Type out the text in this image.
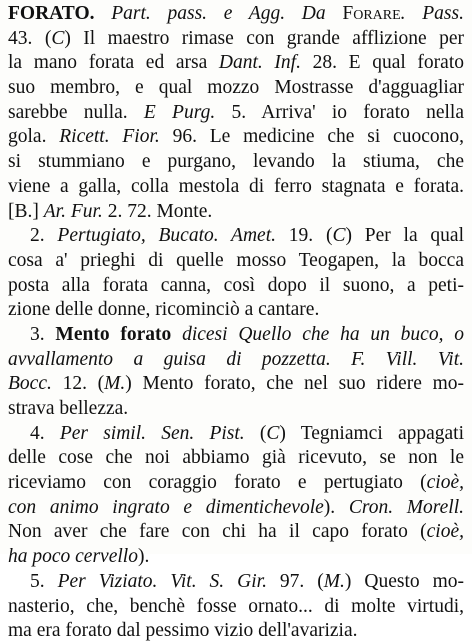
FORATO. Part. pass. e Agg. Da Forare. Pass.
43. (C) Il maestro rimase con grande afflizione per
la mano forata ed arsa Dant. Inf. 28. E qual forato
suo membro, e qual mozzo Mostrasse d'agguagliar
sarebbe nulla. E Purg. 5. Arriva' io forato nella
gola. Ricett. Fior. 96. Le medicine che si cuocono,
si stummiano e purgano, levando la stiuma, che
viene a galla, colla mestola di ferro stagnata e forata.
[B.] Ar. Fur. 2. 72. Monte.
2. Pertugiato, Bucato. Amet. 19. (C) Per la qual
cosa a' prieghi di quelle mosso Teogapen, la bocca
posta alla forata canna, così dopo il suono, a peti-
zione delle donne, ricominciò a cantare.
3. Mento forato dicesi Quello che ha un buco, o
avvallamento a guisa di pozzetta. F. Vill. Vit.
Bocc. 12. (M.) Mento forato, che nel suo ridere mo-
strava bellezza.
4. Per simil. Sen. Pist. (C) Tegniamci appagati
delle cose che noi abbiamo già ricevuto, se non le
riceviamo con coraggio forato e pertugiato (cioè,
con animo ingrato e dimentichevole). Cron. Morell.
Non aver che fare con chi ha il capo forato (cioè,
ha poco cervello).
5. Per Viziato. Vit. S. Gir. 97. (M.) Questo mo-
nasterio, che, benchè fosse ornato... di molte virtudi,
ma era forato dal pessimo vizio dell'avarizia.
